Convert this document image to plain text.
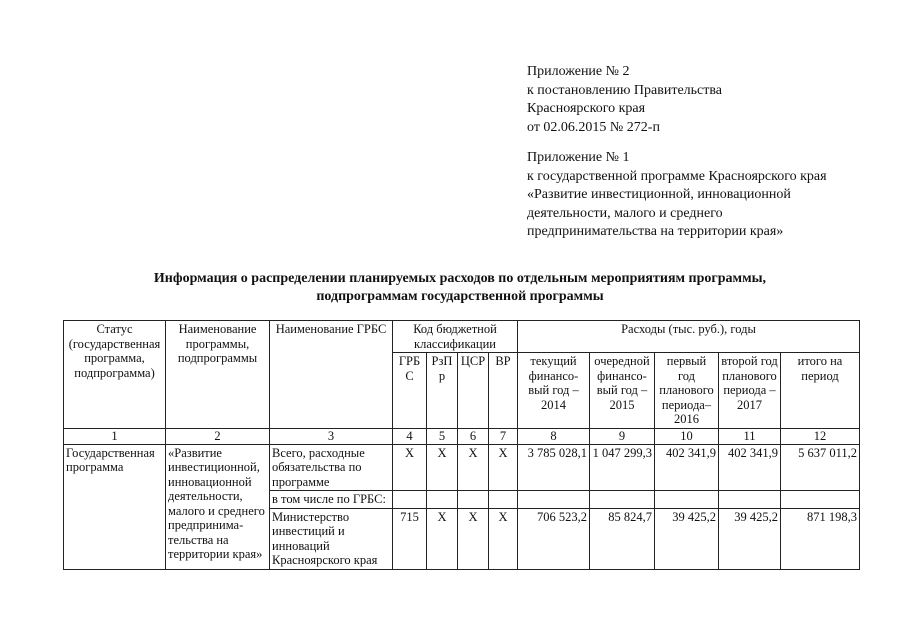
Приложение № 2
к постановлению Правительства
Красноярского края
от 02.06.2015 № 272-п
Приложение № 1
к государственной программе Красноярского края
«Развитие инвестиционной, инновационной
деятельности, малого и среднего
предпринимательства на территории края»
Информация о распределении планируемых расходов по отдельным мероприятиям программы,
подпрограммам государственной программы
Статус (государственная программа, подпрограмма)	Наименование программы, подпрограммы	Наименование ГРБС	Код бюджетной классификации				Расходы (тыс. руб.), годы				
			ГРБС	РзПр	ЦСР	ВР	текущий финансо-вый год – 2014	очередной финансо-вый год – 2015	первый год планового периода– 2016	второй год планового периода – 2017	итого на период
1	2	3	4	5	6	7	8	9	10	11	12
Государственная программа	«Развитие инвестиционной, инновационной деятельности, малого и среднего предпринима-тельства на территории края»	Всего, расходные обязательства по программе	Х	Х	Х	Х	3 785 028,1	1 047 299,3	402 341,9	402 341,9	5 637 011,2
		в том числе по ГРБС:									
		Министерство инвестиций и инноваций Красноярского края	715	Х	Х	Х	706 523,2	85 824,7	39 425,2	39 425,2	871 198,3
